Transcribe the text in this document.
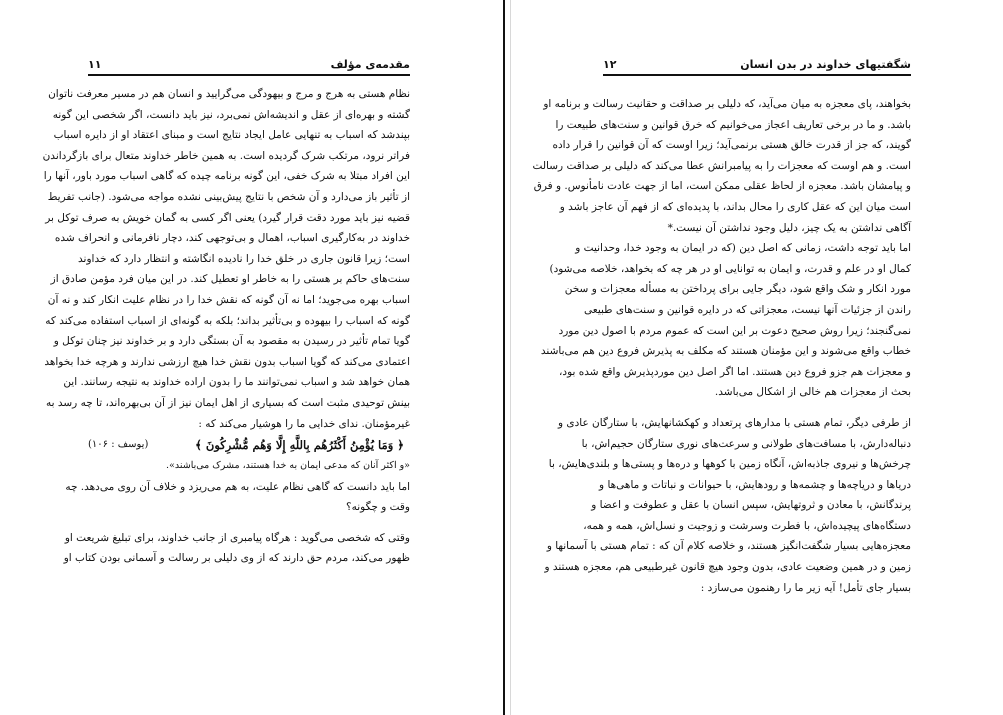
مقدمه‌ی مؤلف
۱۱
نظام هستی به هرج و مرج و بیهودگی می‌گرایید و انسان هم در مسیر معرفت ناتوان
گشته و بهره‌ای از عقل و اندیشه‌اش نمی‌برد، نیز باید دانست، اگر شخصی این گونه
بپندشد که اسباب به تنهایی عامل ایجاد نتایج است و مبنای اعتقاد او از دایره اسباب
فراتر نرود، مرتکب شرک گردیده است. به همین خاطر خداوند متعال برای بازگرداندن
این افراد مبتلا به شرک خفی، این گونه برنامه چیده که گاهی اسباب مورد باور، آنها را
از تأثیر باز می‌دارد و آن شخص با نتایج پیش‌بینی نشده مواجه می‌شود. (جانب تفریط
قضیه نیز باید مورد دقت قرار گیرد) یعنی اگر کسی به گمان خویش به صرف توکل بر
خداوند در به‌کارگیری اسباب، اهمال و بی‌توجهی کند، دچار نافرمانی و انحراف شده
است؛ زیرا قانون جاری در خلق خدا را نادیده انگاشته و انتظار دارد که خداوند
سنت‌های حاکم بر هستی را به خاطر او تعطیل کند. در این میان فرد مؤمن صادق از
اسباب بهره می‌جوید؛ اما نه آن گونه که نقش خدا را در نظام علیت انکار کند و نه آن
گونه که اسباب را بیهوده و بی‌تأثیر بداند؛ بلکه به گونه‌ای از اسباب استفاده می‌کند که
گویا تمام تأثیر در رسیدن به مقصود به آن بستگی دارد و بر خداوند نیز چنان توکل و
اعتمادی می‌کند که گویا اسباب بدون نقش خدا هیچ ارزشی ندارند و هرچه خدا بخواهد
همان خواهد شد و اسباب نمی‌توانند ما را بدون اراده خداوند به نتیجه رسانند. این
بینش توحیدی مثبت است که بسیاری از اهل ایمان نیز از آن بی‌بهره‌اند، تا چه رسد به
غیرمؤمنان. ندای خدایی ما را هوشیار می‌کند که :
﴿ وَمَا يُؤْمِنُ أَكْثَرُهُم بِاللَّهِ إِلَّا وَهُم مُّشْرِكُونَ ﴾
(یوسف : ۱۰۶)
«و اکثر آنان که مدعی ایمان به خدا هستند، مشرک می‌باشند».
اما باید دانست که گاهی نظام علیت، به هم می‌ریزد و خلاف آن روی می‌دهد. چه
وقت و چگونه؟
وقتی که شخصی می‌گوید : هرگاه پیامبری از جانب خداوند، برای تبلیغ شریعت او
ظهور می‌کند، مردم حق دارند که از وی دلیلی بر رسالت و آسمانی بودن کتاب او
شگفتیهای خداوند در بدن انسان
۱۲
بخواهند، پای معجزه به میان می‌آید، که دلیلی بر صداقت و حقانیت رسالت و برنامه او
باشد. و ما در برخی تعاریف اعجاز می‌خوانیم که خرق قوانین و سنت‌های طبیعت را
گویند، که جز از قدرت خالق هستی برنمی‌آید؛ زیرا اوست که آن قوانین را قرار داده
است. و هم اوست که معجزات را به پیامبرانش عطا می‌کند که دلیلی بر صداقت رسالت
و پیامشان باشد. معجزه از لحاظ عقلی ممکن است، اما از جهت عادت نامأنوس. و فرق
است میان این که عقل کاری را محال بداند، با پدیده‌ای که از فهم آن عاجز باشد و
آگاهی نداشتن به یک چیز، دلیل وجود نداشتن آن نیست.*
اما باید توجه داشت، زمانی که اصل دین (که در ایمان به وجود خدا، وحدانیت و
کمال او در علم و قدرت، و ایمان به توانایی او در هر چه که بخواهد، خلاصه می‌شود)
مورد انکار و شک واقع شود، دیگر جایی برای پرداختن به مسأله معجزات و سخن
راندن از جزئیات آنها نیست، معجزاتی که در دایره قوانین و سنت‌های طبیعی
نمی‌گنجند؛ زیرا روش صحیح دعوت بر این است که عموم مردم با اصول دین مورد
خطاب واقع می‌شوند و این مؤمنان هستند که مکلف به پذیرش فروع دین هم می‌باشند
و معجزات هم جزو فروع دین هستند. اما اگر اصل دین موردپذیرش واقع شده بود،
بحث از معجزات هم خالی از اشکال می‌باشد.
از طرفی دیگر، تمام هستی با مدارهای پرتعداد و کهکشانهایش، با ستارگان عادی و
دنباله‌دارش، با مسافت‌های طولانی و سرعت‌های نوری ستارگان حجیم‌اش، با
چرخش‌ها و نیروی جاذبه‌اش، آنگاه زمین با کوهها و دره‌ها و پستی‌ها و بلندی‌هایش، با
دریاها و دریاچه‌ها و چشمه‌ها و رودهایش، با حیوانات و نباتات و ماهی‌ها و
پرندگانش، با معادن و ثروتهایش، سپس انسان با عقل و عطوفت و اعضا و
دستگاه‌های پیچیده‌اش، با فطرت وسرشت و زوجیت و نسل‌اش، همه و همه،
معجزه‌هایی بسیار شگفت‌انگیز هستند، و خلاصه کلام آن که : تمام هستی با آسمانها و
زمین و در همین وضعیت عادی، بدون وجود هیچ قانون غیرطبیعی هم، معجزه هستند و
بسیار جای تأمل! آیه زیر ما را رهنمون می‌سازد :
